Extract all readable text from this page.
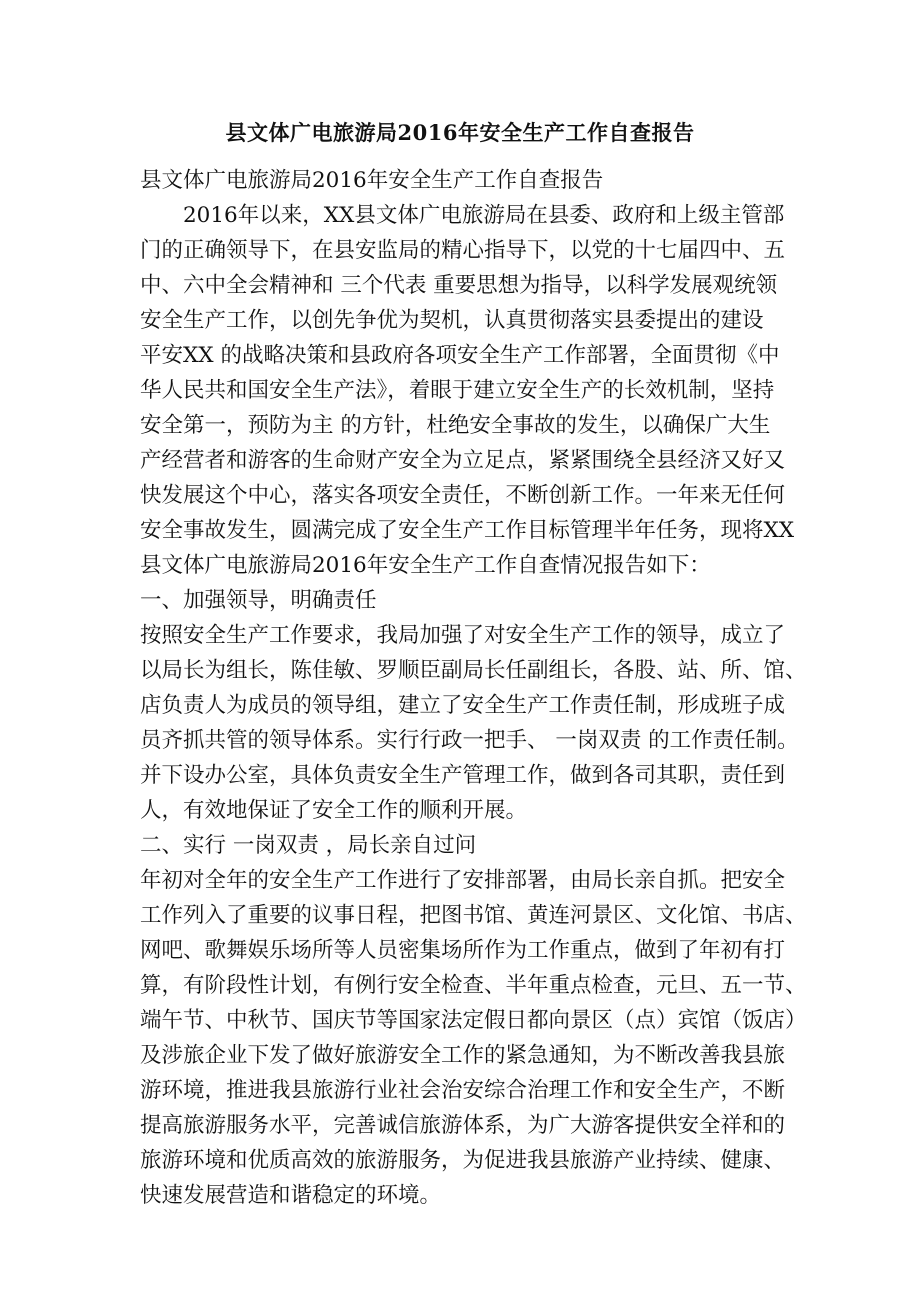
县文体广电旅游局2016年安全生产工作自查报告
县文体广电旅游局2016年安全生产工作自查报告
　　2016年以来，XX县文体广电旅游局在县委、政府和上级主管部
门的正确领导下，在县安监局的精心指导下，以党的十七届四中、五
中、六中全会精神和 三个代表 重要思想为指导，以科学发展观统领
安全生产工作，以创先争优为契机，认真贯彻落实县委提出的建设
平安XX 的战略决策和县政府各项安全生产工作部署，全面贯彻《中
华人民共和国安全生产法》，着眼于建立安全生产的长效机制，坚持
安全第一，预防为主 的方针，杜绝安全事故的发生，以确保广大生
产经营者和游客的生命财产安全为立足点，紧紧围绕全县经济又好又
快发展这个中心，落实各项安全责任，不断创新工作。一年来无任何
安全事故发生，圆满完成了安全生产工作目标管理半年任务，现将XX
县文体广电旅游局2016年安全生产工作自查情况报告如下：
一、加强领导，明确责任
按照安全生产工作要求，我局加强了对安全生产工作的领导，成立了
以局长为组长，陈佳敏、罗顺臣副局长任副组长，各股、站、所、馆、
店负责人为成员的领导组，建立了安全生产工作责任制，形成班子成
员齐抓共管的领导体系。实行行政一把手、 一岗双责 的工作责任制。
并下设办公室，具体负责安全生产管理工作，做到各司其职，责任到
人，有效地保证了安全工作的顺利开展。
二、实行 一岗双责 ，局长亲自过问
年初对全年的安全生产工作进行了安排部署，由局长亲自抓。把安全
工作列入了重要的议事日程，把图书馆、黄连河景区、文化馆、书店、
网吧、歌舞娱乐场所等人员密集场所作为工作重点，做到了年初有打
算，有阶段性计划，有例行安全检查、半年重点检查，元旦、五一节、
端午节、中秋节、国庆节等国家法定假日都向景区（点）宾馆（饭店）
及涉旅企业下发了做好旅游安全工作的紧急通知，为不断改善我县旅
游环境，推进我县旅游行业社会治安综合治理工作和安全生产，不断
提高旅游服务水平，完善诚信旅游体系，为广大游客提供安全祥和的
旅游环境和优质高效的旅游服务，为促进我县旅游产业持续、健康、
快速发展营造和谐稳定的环境。
